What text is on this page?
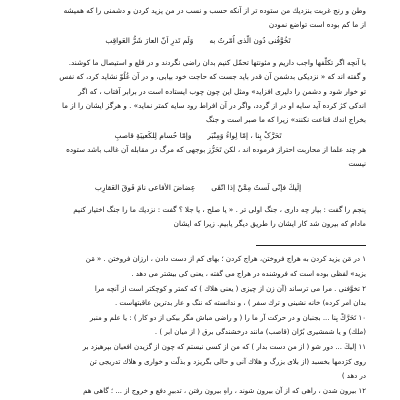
وطن و رنج غربت بنزديك من ستوده تر از آنكه حسب و نسب در من يزيد كردن و دشمنى را كه هميشه
از ما كم بوده است تواضع نمودن
تَخُوَّفُنی دُون الّذی اُمّرتُ به
وَلَم تَدرِ اَنّ العارَ شَرُّ العَواقِب
با آنچه اگر تكلّفها واجب داريم و مئونتها تحمّل كنيم بدان راضى نگردند و در قلع و استيصال ما كوشند.
و گفته اند كه « نزديكى بدشمن آن قدر بايد جست كه حاجت خود بيابى، و در آن غُلُوّ نشايد كرد، كه نفس
تو خوار شود و دشمن را دليرى افزايد» ومثل اين چون چوب ايستاده است در برابر آفتاب ، كه اگر
اندكى كژ كرده آيد سايه او در از گردد، واگر در آن افراط رود سايه كمتر نمايد» . و هرگز ايشان را از ما
بخراج اندك قناعت نكنند» زيرا که ما صبر است و جنگ
تَحَرَّکْ بِنا ، إمّا لِواءُ وَمِنْبَر
وإمّا حُسام لِلكَعيبَةِ قاصبِ
هر چند علما از محاربت احتراز فرموده اند ، لكن تَحَرُّز بوجهى كه مرگ در مقابله آن غالب باشد ستوده
نيست
إلَیكَ فإنّی لَستُ مِمَّنْ إذا اتّقَی
عِضاضَ الأفاعی نامَ فَوقَ العَقارِب
پنجم را گفت : بيار چه دارى ، جنگ اولى تر . « يا صلح ، يا جلا ؟ گفت : نزديك ما را جنگ اختيار كنيم
مادام كه بيرون شد كار ايشان را طريق ديگر يابيم. زيرا كه ايشان
۱ در مَن يزيد كردن به هراج فروختن، هراج كردن ؛ بهای كم از دست دادن ، ارزان فروختن . « مَن
يزيد» لفظى بوده است كه فروشنده در هراج مى گفته ، يعنى كى بيشتر مى دهد .
۲ تخوَّفنی . مرا مى ترساند (آن زن از چيزى ( يعنى هلاك ) كه كمتر و كوچكتر است از آنچه مرا
بدان امر كرده) خانه نشينى و ترك سفر ) ، و ندانسته كه ننگ و عار بدترين عاقبتهاست .
۱۰ تَحَرَّكْ بِنا ... بجنبان و در حركت آر ما را ( و راضى مباش مگر بيكى از دو كار ) : يا علم و منبر
(ملك) و يا شمشيرى بُرّان (قاصب) مانند درخشندگى برق ( از ميان ابر ) .
۱۱ إلیكَ ... دور شو ( از من دست بدار ) كه من از كسى نيستم كه چون از گزيدن افعيان بپرهيزد بر
روى كژدمها بخسبد (از بلاى بزرگ و هلاك آنى و حالى بگريزد و بذلّت و خوارى و هلاك تدريجى تن
در دهد )
۱۲ بيرون شدن ، راهى كه از آن بيرون شوند ، راهِ بيرون رفتن ، تدبيرِ دفع و خروج از ... ؛ گاهى هم
